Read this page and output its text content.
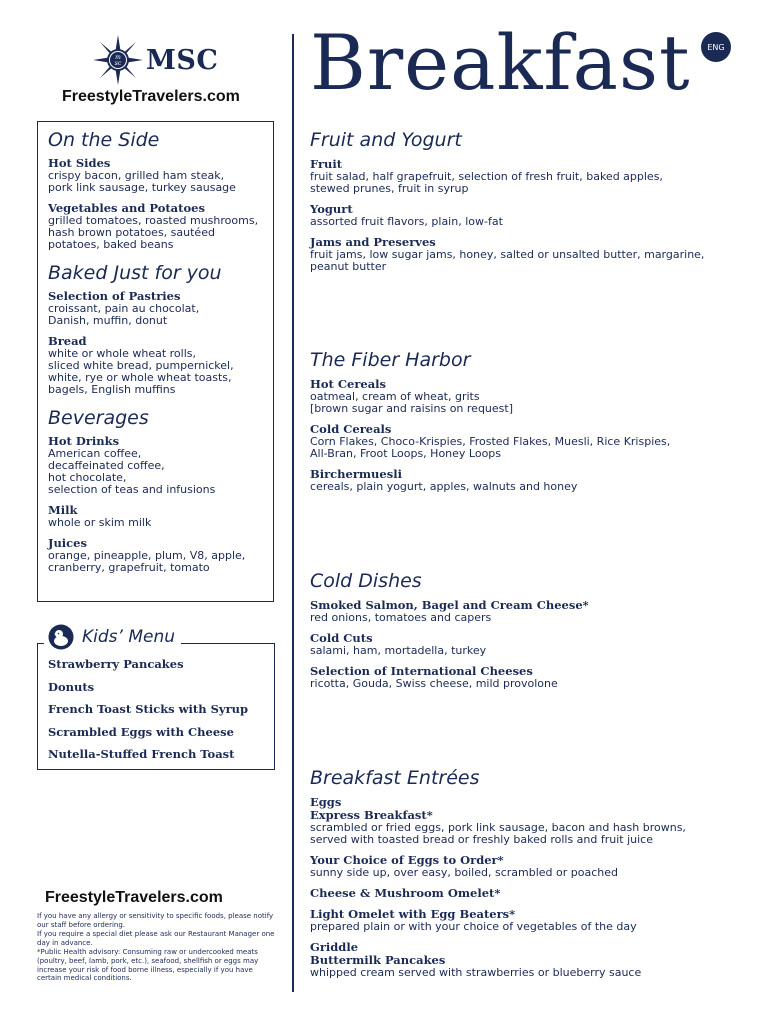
m
sc MSC
FreestyleTravelers.com
On the Side
Hot Sides
crispy bacon, grilled ham steak,
pork link sausage, turkey sausage
Vegetables and Potatoes
grilled tomatoes, roasted mushrooms,
hash brown potatoes, sautéed
potatoes, baked beans
Baked Just for you
Selection of Pastries
croissant, pain au chocolat,
Danish, muffin, donut
Bread
white or whole wheat rolls,
sliced white bread, pumpernickel,
white, rye or whole wheat toasts,
bagels, English muffins
Beverages
Hot Drinks
American coffee,
decaffeinated coffee,
hot chocolate,
selection of teas and infusions
Milk
whole or skim milk
Juices
orange, pineapple, plum, V8, apple,
cranberry, grapefruit, tomato
Strawberry Pancakes
Donuts
French Toast Sticks with Syrup
Scrambled Eggs with Cheese
Nutella-Stuffed French Toast
Kids’ Menu
FreestyleTravelers.com

If you have any allergy or sensitivity to specific foods, please notify our staff before ordering.

If you require a special diet please ask our Restaurant Manager one day in advance.

*Public Health advisory: Consuming raw or undercooked meats (poultry, beef, lamb, pork, etc.), seafood, shellfish or eggs may increase your risk of food borne illness, especially if you have certain medical conditions.

Breakfast	ENG
Fruit and Yogurt
Fruit
fruit salad, half grapefruit, selection of fresh fruit, baked apples,
stewed prunes, fruit in syrup
Yogurt
assorted fruit flavors, plain, low-fat
Jams and Preserves
fruit jams, low sugar jams, honey, salted or unsalted butter, margarine,
peanut butter
The Fiber Harbor
Hot Cereals
oatmeal, cream of wheat, grits
[brown sugar and raisins on request]
Cold Cereals
Corn Flakes, Choco-Krispies, Frosted Flakes, Muesli, Rice Krispies,
All-Bran, Froot Loops, Honey Loops
Birchermuesli
cereals, plain yogurt, apples, walnuts and honey
Cold Dishes
Smoked Salmon, Bagel and Cream Cheese*
red onions, tomatoes and capers
Cold Cuts
salami, ham, mortadella, turkey
Selection of International Cheeses
ricotta, Gouda, Swiss cheese, mild provolone
Breakfast Entrées
Eggs
Express Breakfast*
scrambled or fried eggs, pork link sausage, bacon and hash browns,
served with toasted bread or freshly baked rolls and fruit juice
Your Choice of Eggs to Order*
sunny side up, over easy, boiled, scrambled or poached
Cheese & Mushroom Omelet*
Light Omelet with Egg Beaters*
prepared plain or with your choice of vegetables of the day
Griddle
Buttermilk Pancakes
whipped cream served with strawberries or blueberry sauce
